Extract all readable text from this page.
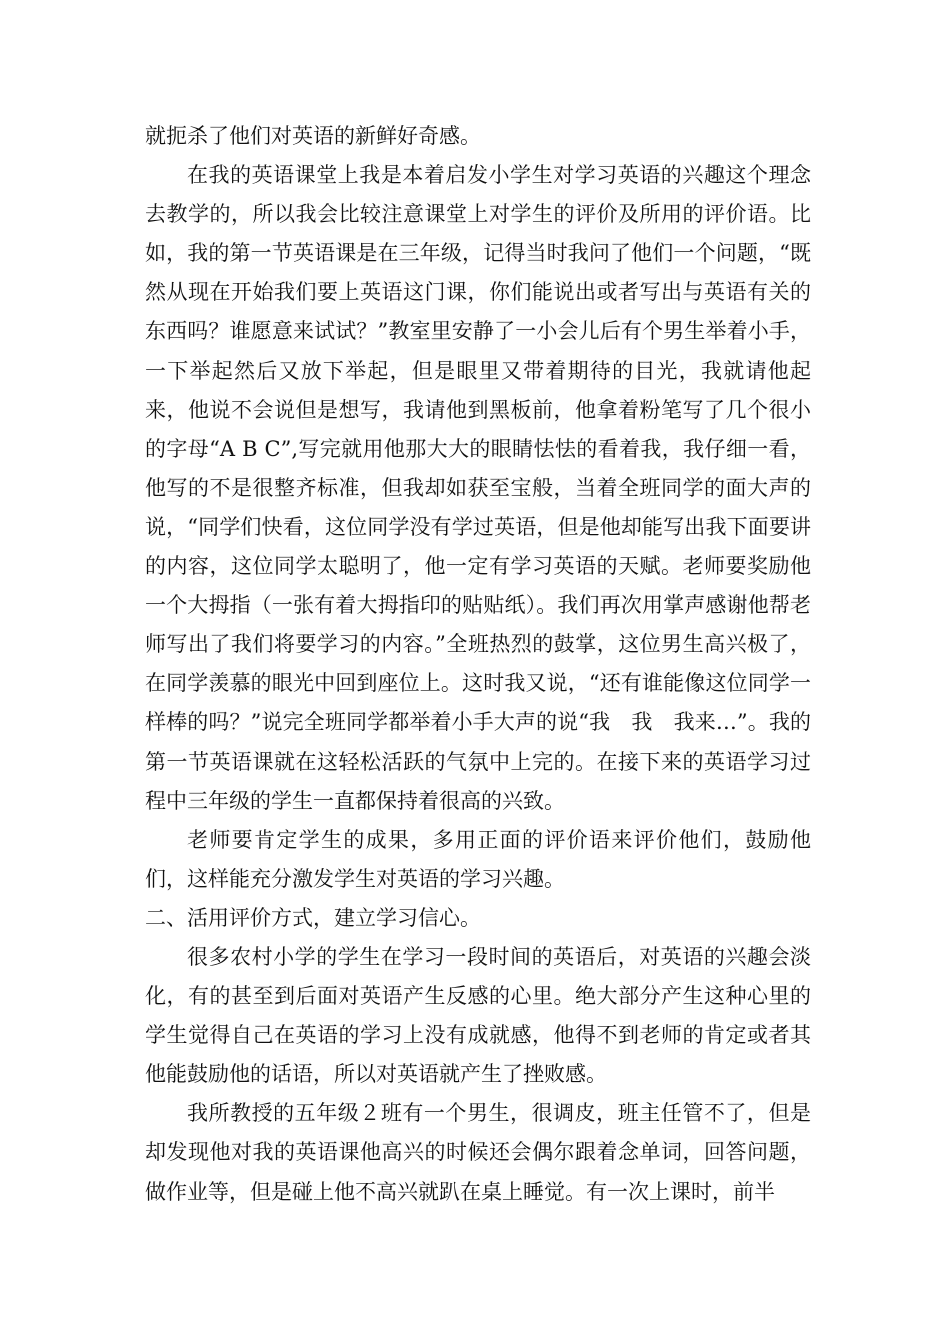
就扼杀了他们对英语的新鲜好奇感。

在我的英语课堂上我是本着启发小学生对学习英语的兴趣这个理念去教学的，所以我会比较注意课堂上对学生的评价及所用的评价语。比如，我的第一节英语课是在三年级，记得当时我问了他们一个问题，“既然从现在开始我们要上英语这门课，你们能说出或者写出与英语有关的东西吗？谁愿意来试试？”教室里安静了一小会儿后有个男生举着小手，一下举起然后又放下举起，但是眼里又带着期待的目光，我就请他起来，他说不会说但是想写，我请他到黑板前，他拿着粉笔写了几个很小的字母“A B C”,写完就用他那大大的眼睛怯怯的看着我，我仔细一看，他写的不是很整齐标准，但我却如获至宝般，当着全班同学的面大声的说，“同学们快看，这位同学没有学过英语，但是他却能写出我下面要讲的内容，这位同学太聪明了，他一定有学习英语的天赋。老师要奖励他一个大拇指（一张有着大拇指印的贴贴纸）。我们再次用掌声感谢他帮老师写出了我们将要学习的内容。”全班热烈的鼓掌，这位男生高兴极了，在同学羡慕的眼光中回到座位上。这时我又说，“还有谁能像这位同学一样棒的吗？”说完全班同学都举着小手大声的说“我　我　我来…”。我的第一节英语课就在这轻松活跃的气氛中上完的。在接下来的英语学习过程中三年级的学生一直都保持着很高的兴致。

老师要肯定学生的成果，多用正面的评价语来评价他们，鼓励他们，这样能充分激发学生对英语的学习兴趣。

二、活用评价方式，建立学习信心。

很多农村小学的学生在学习一段时间的英语后，对英语的兴趣会淡化，有的甚至到后面对英语产生反感的心里。绝大部分产生这种心里的学生觉得自己在英语的学习上没有成就感，他得不到老师的肯定或者其他能鼓励他的话语，所以对英语就产生了挫败感。

我所教授的五年级２班有一个男生，很调皮，班主任管不了，但是却发现他对我的英语课他高兴的时候还会偶尔跟着念单词，回答问题，做作业等，但是碰上他不高兴就趴在桌上睡觉。有一次上课时，前半
